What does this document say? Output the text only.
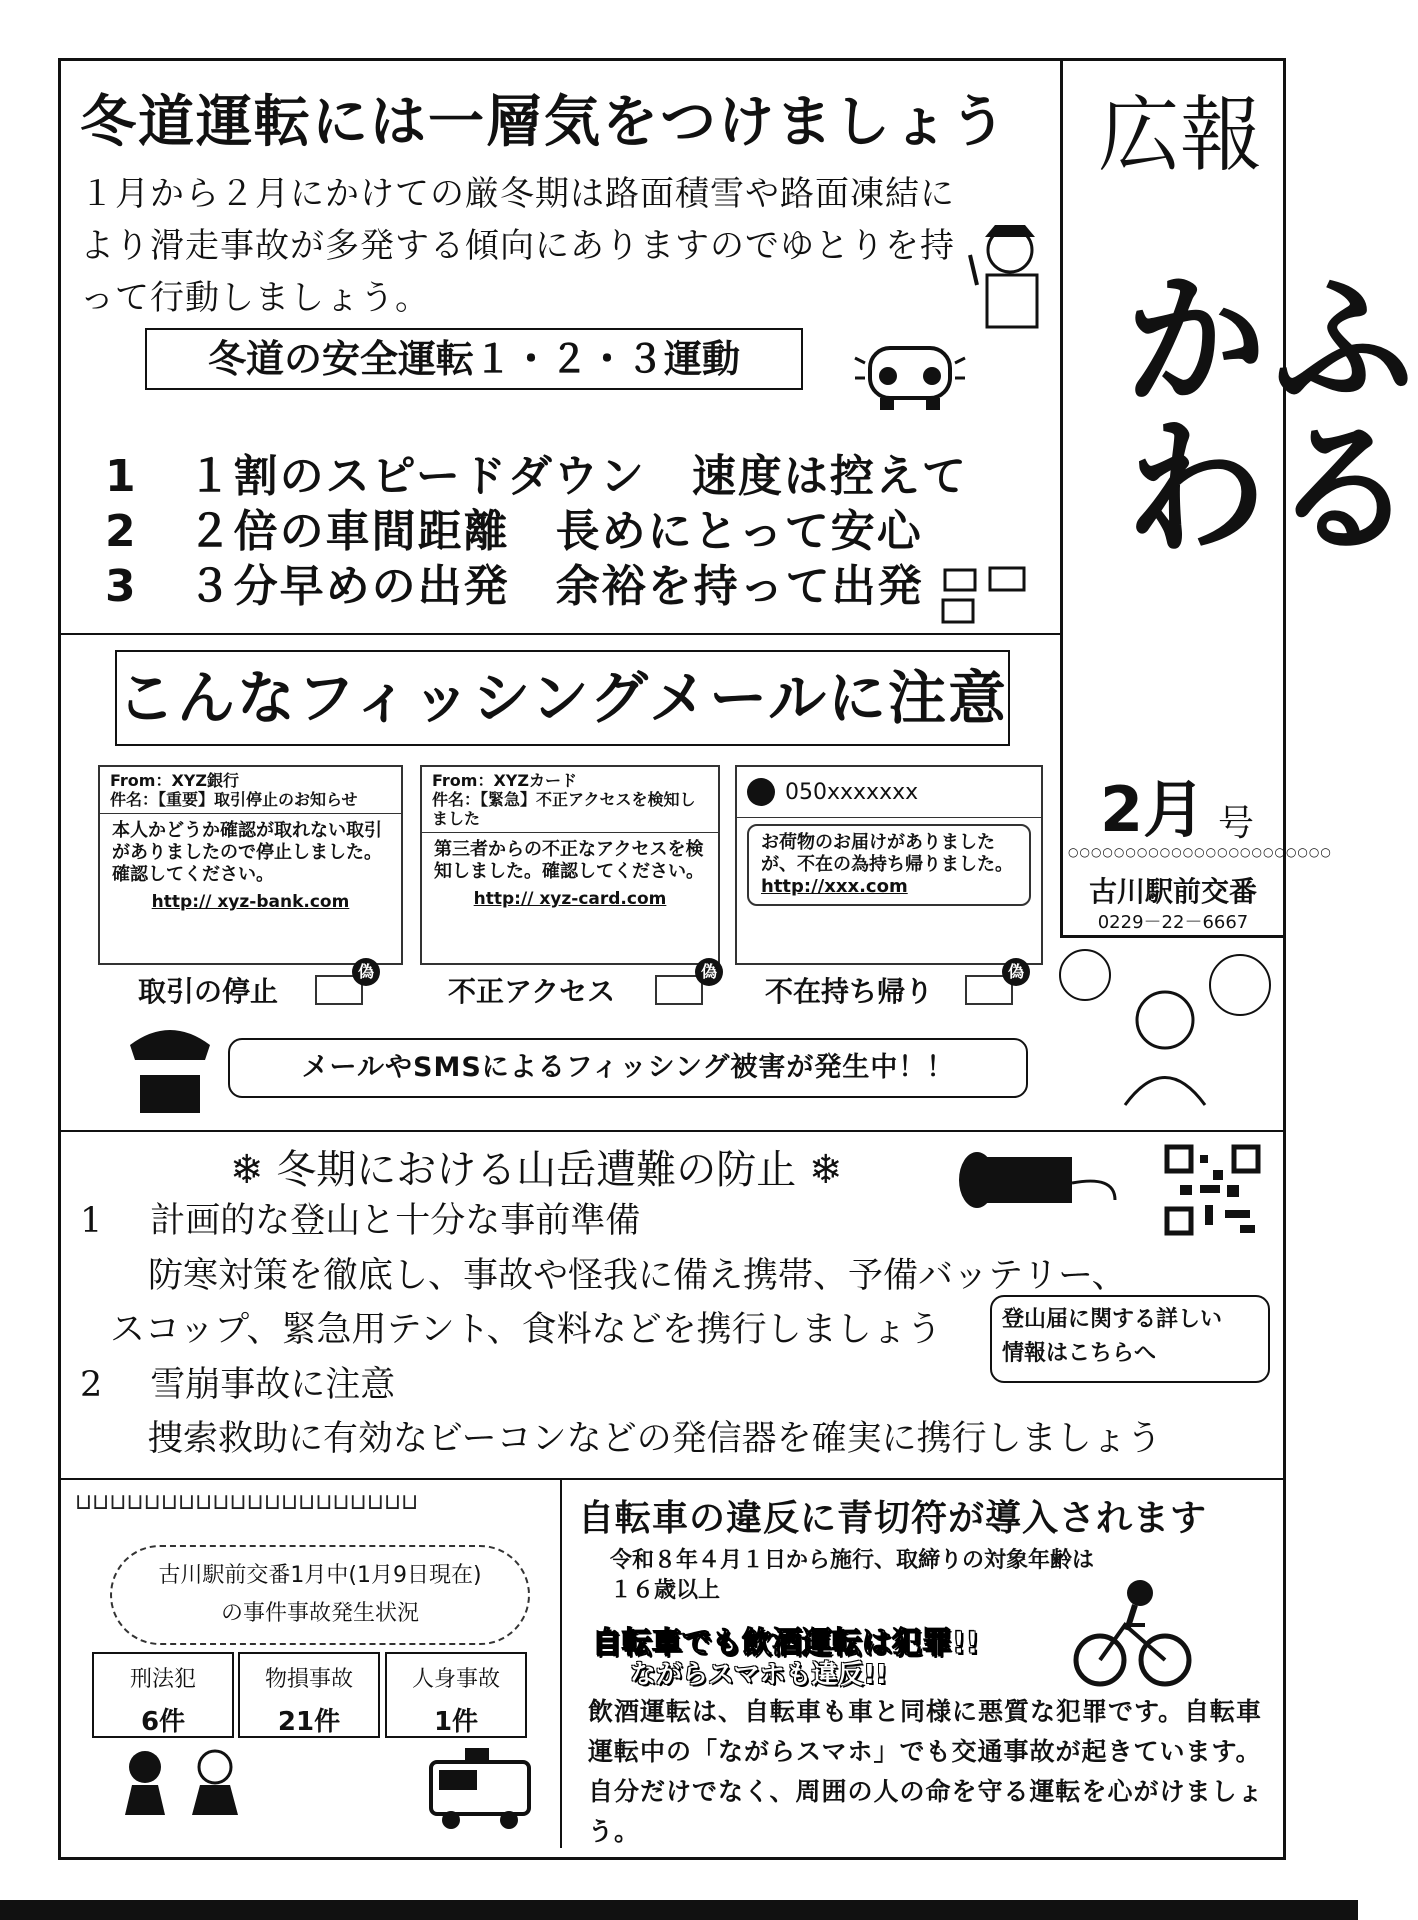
広報
ふるかわ
2月 号
○○○○○○○○○○○○○○○○○○○○○○○
古川駅前交番
0229－22－6667
冬道運転には一層気をつけましょう
１月から２月にかけての厳冬期は路面積雪や路面凍結により滑走事故が多発する傾向にありますのでゆとりを持って行動しましょう。
冬道の安全運転１・２・３運動
1 １割のスピードダウン　速度は控えて
2 ２倍の車間距離　長めにとって安心
3 ３分早めの出発　余裕を持って出発
こんなフィッシングメールに注意
From：XYZ銀行
件名：【重要】取引停止のお知らせ
本人かどうか確認が取れない取引がありましたので停止しました。確認してください。
http:// xyz-bank.com
取引の停止
偽
From：XYZカード
件名：【緊急】不正アクセスを検知しました
第三者からの不正なアクセスを検知しました。確認してください。
http:// xyz-card.com
不正アクセス
偽
050xxxxxxx
お荷物のお届けがありましたが、不在の為持ち帰りました。
http://xxx.com
不在持ち帰り
偽
メールやSMSによるフィッシング被害が発生中！！
❄ 冬期における山岳遭難の防止 ❄
1 計画的な登山と十分な事前準備
防寒対策を徹底し、事故や怪我に備え携帯、予備バッテリー、
スコップ、緊急用テント、食料などを携行しましょう
2 雪崩事故に注意
捜索救助に有効なビーコンなどの発信器を確実に携行しましょう
登山届に関する詳しい
情報はこちらへ
⊔⊔⊔⊔⊔⊔⊔⊔⊔⊔⊔⊔⊔⊔⊔⊔⊔⊔⊔⊔
古川駅前交番1月中(1月9日現在)
の事件事故発生状況
刑法犯
6件
物損事故
21件
人身事故
1件
自転車の違反に青切符が導入されます
令和８年４月１日から施行、取締りの対象年齢は
１６歳以上
自転車でも飲酒運転は犯罪!!
ながらスマホも違反!!
飲酒運転は、自転車も車と同様に悪質な犯罪です。自転車運転中の「ながらスマホ」でも交通事故が起きています。自分だけでなく、周囲の人の命を守る運転を心がけましょう。
